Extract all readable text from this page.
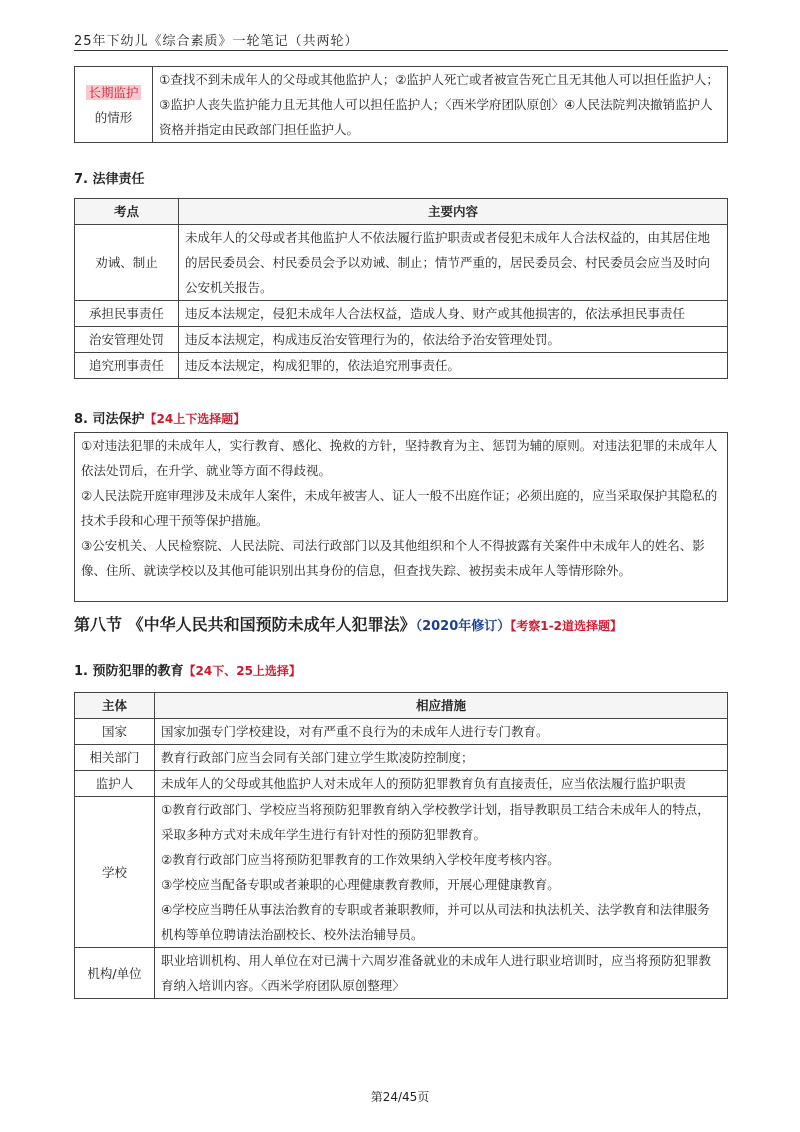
25年下幼儿《综合素质》一轮笔记（共两轮）
长期监护
的情形	①查找不到未成年人的父母或其他监护人；②监护人死亡或者被宣告死亡且无其他人可以担任监护人；③监护人丧失监护能力且无其他人可以担任监护人；〈西米学府团队原创〉④人民法院判决撤销监护人资格并指定由民政部门担任监护人。
7. 法律责任
考点	主要内容
劝诫、制止	未成年人的父母或者其他监护人不依法履行监护职责或者侵犯未成年人合法权益的，由其居住地的居民委员会、村民委员会予以劝诫、制止；情节严重的，居民委员会、村民委员会应当及时向公安机关报告。
承担民事责任	违反本法规定，侵犯未成年人合法权益，造成人身、财产或其他损害的，依法承担民事责任
治安管理处罚	违反本法规定，构成违反治安管理行为的，依法给予治安管理处罚。
追究刑事责任	违反本法规定，构成犯罪的，依法追究刑事责任。
8. 司法保护【24上下选择题】

①对违法犯罪的未成年人，实行教育、感化、挽救的方针，坚持教育为主、惩罚为辅的原则。对违法犯罪的未成年人依法处罚后，在升学、就业等方面不得歧视。

②人民法院开庭审理涉及未成年人案件，未成年被害人、证人一般不出庭作证；必须出庭的，应当采取保护其隐私的技术手段和心理干预等保护措施。

③公安机关、人民检察院、人民法院、司法行政部门以及其他组织和个人不得披露有关案件中未成年人的姓名、影像、住所、就读学校以及其他可能识别出其身份的信息，但查找失踪、被拐卖未成年人等情形除外。

第八节 《中华人民共和国预防未成年人犯罪法》（2020年修订）【考察1-2道选择题】
1. 预防犯罪的教育【24下、25上选择】
主体	相应措施
国家	国家加强专门学校建设，对有严重不良行为的未成年人进行专门教育。
相关部门	教育行政部门应当会同有关部门建立学生欺凌防控制度；
监护人	未成年人的父母或其他监护人对未成年人的预防犯罪教育负有直接责任，应当依法履行监护职责
学校	①教育行政部门、学校应当将预防犯罪教育纳入学校教学计划，指导教职员工结合未成年人的特点，采取多种方式对未成年学生进行有针对性的预防犯罪教育。
②教育行政部门应当将预防犯罪教育的工作效果纳入学校年度考核内容。
③学校应当配备专职或者兼职的心理健康教育教师，开展心理健康教育。
④学校应当聘任从事法治教育的专职或者兼职教师，并可以从司法和执法机关、法学教育和法律服务机构等单位聘请法治副校长、校外法治辅导员。

机构/单位	职业培训机构、用人单位在对已满十六周岁准备就业的未成年人进行职业培训时，应当将预防犯罪教育纳入培训内容。〈西米学府团队原创整理〉
第24/45页
